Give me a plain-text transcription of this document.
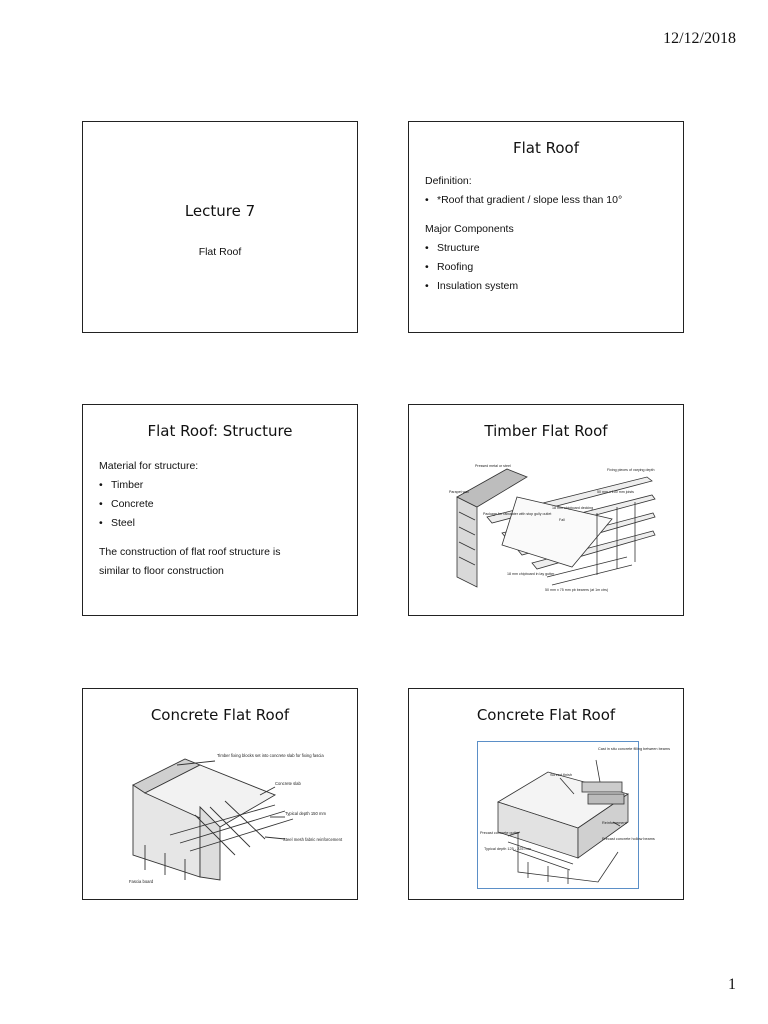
12/12/2018
Lecture 7
Flat Roof
Flat Roof
Definition:
• *Roof that gradient / slope less than 10°
Major Components
• Structure
• Roofing
• Insulation system
Flat Roof: Structure
Material for structure:
• Timber
• Concrete
• Steel
The construction of flat roof structure is
similar to floor construction
Timber Flat Roof
Pressed metal or steel
Parapet wall
Fixing pieces of varying depth
50 mm x 150 mm joists
18 mm chipboard decking
Fall
18 mm chipboard in lay gutter
Package for rainwater with stop gully outlet
50 mm x 75 mm pb bearers (at 1m ctrs)
Concrete Flat Roof
Timber fixing blocks set into concrete slab for fixing fascia
Concrete slab
Typical depth 150 mm
Steel mesh fabric reinforcement
Fascia board
Concrete Flat Roof
Cast in situ concrete filling between beams
Screed finish
Reinforcement
Precast concrete gutter
Precast concrete hollow beams
Typical depth 125 - 225 mm
1
